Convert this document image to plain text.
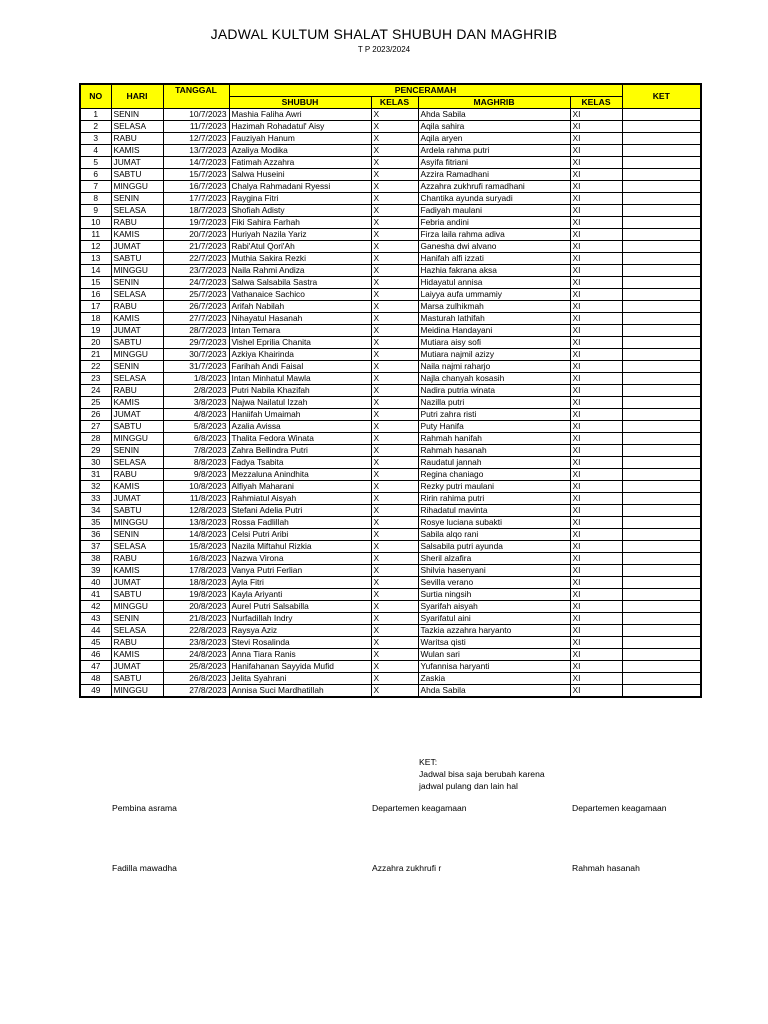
JADWAL KULTUM SHALAT SHUBUH DAN MAGHRIB
T P 2023/2024
NO	HARI	TANGGAL	PENCERAMAH				KET
			SHUBUH	KELAS	MAGHRIB	KELAS	
1	SENIN	10/7/2023	Mashia Faliha Awri	X	Ahda Sabila	XI	
2	SELASA	11/7/2023	Hazimah Rohadatul' Aisy	X	Aqila sahira	XI	
3	RABU	12/7/2023	Fauziyah Hanum	X	Aqila aryen	XI	
4	KAMIS	13/7/2023	Azaliya Modika	X	Ardela rahma putri	XI	
5	JUMAT	14/7/2023	Fatimah Azzahra	X	Asyifa fitriani	XI	
6	SABTU	15/7/2023	Salwa Huseini	X	Azzira Ramadhani	XI	
7	MINGGU	16/7/2023	Chalya Rahmadani Ryessi	X	Azzahra zukhrufi ramadhani	XI	
8	SENIN	17/7/2023	Raygina Fitri	X	Chantika ayunda suryadi	XI	
9	SELASA	18/7/2023	Shofiah Adisty	X	Fadiyah maulani	XI	
10	RABU	19/7/2023	Fiki Sahira Farhah	X	Febria andini	XI	
11	KAMIS	20/7/2023	Huriyah Nazila Yariz	X	Firza laila rahma adiva	XI	
12	JUMAT	21/7/2023	Rabi'Atul Qori'Ah	X	Ganesha dwi alvano	XI	
13	SABTU	22/7/2023	Muthia Sakira Rezki	X	Hanifah alfi izzati	XI	
14	MINGGU	23/7/2023	Naila Rahmi Andiza	X	Hazhia fakrana aksa	XI	
15	SENIN	24/7/2023	Salwa Salsabila Sastra	X	Hidayatul annisa	XI	
16	SELASA	25/7/2023	Vathanaice Sachico	X	Laiyya aufa ummamiy	XI	
17	RABU	26/7/2023	Arifah Nabilah	X	Marsa zulhikmah	XI	
18	KAMIS	27/7/2023	Nihayatul Hasanah	X	Masturah lathifah	XI	
19	JUMAT	28/7/2023	Intan Temara	X	Meidina Handayani	XI	
20	SABTU	29/7/2023	Vishel Eprilia Chanita	X	Mutiara aisy sofi	XI	
21	MINGGU	30/7/2023	Azkiya Khairinda	X	Mutiara najmil azizy	XI	
22	SENIN	31/7/2023	Farihah Andi Faisal	X	Naila najmi raharjo	XI	
23	SELASA	1/8/2023	Intan Minhatul Mawla	X	Najla chanyah kosasih	XI	
24	RABU	2/8/2023	Putri Nabila Khazifah	X	Nadira putria winata	XI	
25	KAMIS	3/8/2023	Najwa Nailatul Izzah	X	Nazilla putri	XI	
26	JUMAT	4/8/2023	Haniifah Umaimah	X	Putri zahra risti	XI	
27	SABTU	5/8/2023	Azalia Avissa	X	Puty Hanifa	XI	
28	MINGGU	6/8/2023	Thalita Fedora Winata	X	Rahmah hanifah	XI	
29	SENIN	7/8/2023	Zahra Bellindra Putri	X	Rahmah hasanah	XI	
30	SELASA	8/8/2023	Fadya Tsabita	X	Raudatul jannah	XI	
31	RABU	9/8/2023	Mezzaluna Anindhita	X	Regina chaniago	XI	
32	KAMIS	10/8/2023	Alfiyah Maharani	X	Rezky putri maulani	XI	
33	JUMAT	11/8/2023	Rahmiatul Aisyah	X	Ririn rahima putri	XI	
34	SABTU	12/8/2023	Stefani Adelia Putri	X	Rihadatul mavinta	XI	
35	MINGGU	13/8/2023	Rossa Fadlillah	X	Rosye luciana subakti	XI	
36	SENIN	14/8/2023	Celsi Putri Aribi	X	Sabila alqo rani	XI	
37	SELASA	15/8/2023	Nazila Miftahul Rizkia	X	Salsabila putri ayunda	XI	
38	RABU	16/8/2023	Nazwa Virona	X	Sheril alzafira	XI	
39	KAMIS	17/8/2023	Vanya Putri Ferlian	X	Shilvia hasenyani	XI	
40	JUMAT	18/8/2023	Ayla Fitri	X	Sevilla verano	XI	
41	SABTU	19/8/2023	Kayla Ariyanti	X	Surtia ningsih	XI	
42	MINGGU	20/8/2023	Aurel Putri Salsabilla	X	Syarifah aisyah	XI	
43	SENIN	21/8/2023	Nurfadillah Indry	X	Syarifatul aini	XI	
44	SELASA	22/8/2023	Raysya Aziz	X	Tazkia azzahra haryanto	XI	
45	RABU	23/8/2023	Stevi Rosalinda	X	Waritsa qisti	XI	
46	KAMIS	24/8/2023	Anna Tiara Ranis	X	Wulan sari	XI	
47	JUMAT	25/8/2023	Hanifahanan Sayyida Mufid	X	Yufannisa haryanti	XI	
48	SABTU	26/8/2023	Jelita Syahrani	X	Zaskia	XI	
49	MINGGU	27/8/2023	Annisa Suci Mardhatillah	X	Ahda Sabila	XI	
KET:
Jadwal bisa saja berubah karena
jadwal pulang dan lain hal
Pembina asrama	Departemen keagamaan	Departemen keagamaan
Fadilla mawadha	Azzahra zukhrufi r	Rahmah hasanah
